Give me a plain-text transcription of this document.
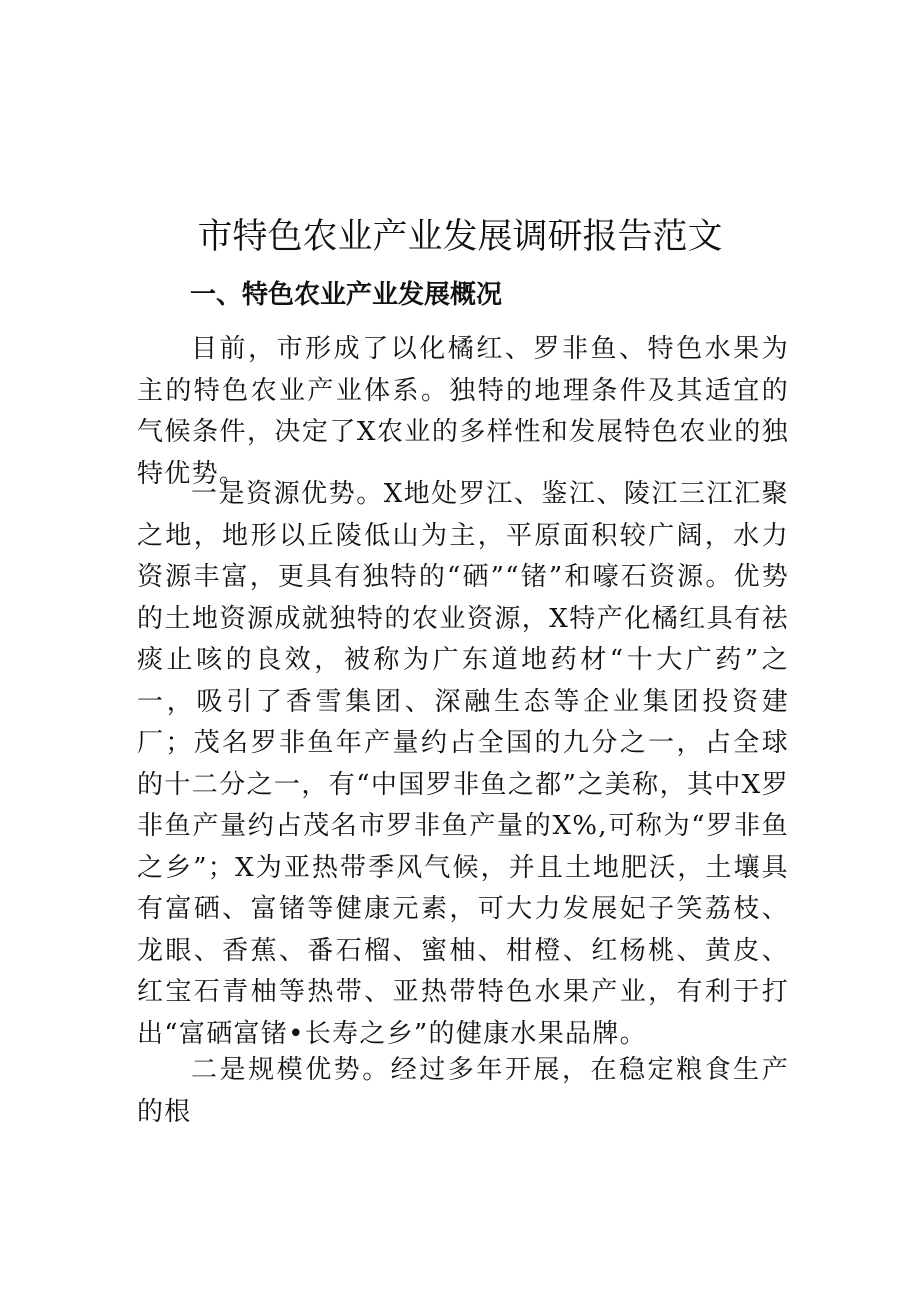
市特色农业产业发展调研报告范文
一、特色农业产业发展概况

目前，市形成了以化橘红、罗非鱼、特色水果为主的特色农业产业体系。独特的地理条件及其适宜的气候条件，决定了X农业的多样性和发展特色农业的独特优势。

一是资源优势。X地处罗江、鉴江、陵江三江汇聚之地，地形以丘陵低山为主，平原面积较广阔，水力资源丰富，更具有独特的“硒”“锗”和嚎石资源。优势的土地资源成就独特的农业资源，X特产化橘红具有祛痰止咳的良效，被称为广东道地药材“十大广药”之一，吸引了香雪集团、深融生态等企业集团投资建厂；茂名罗非鱼年产量约占全国的九分之一，占全球的十二分之一，有“中国罗非鱼之都”之美称，其中X罗非鱼产量约占茂名市罗非鱼产量的X%,可称为“罗非鱼之乡”；X为亚热带季风气候，并且土地肥沃，土壤具有富硒、富锗等健康元素，可大力发展妃子笑荔枝、龙眼、香蕉、番石榴、蜜柚、柑橙、红杨桃、黄皮、红宝石青柚等热带、亚热带特色水果产业，有利于打出“富硒富锗•长寿之乡”的健康水果品牌。

二是规模优势。经过多年开展，在稳定粮食生产的根
